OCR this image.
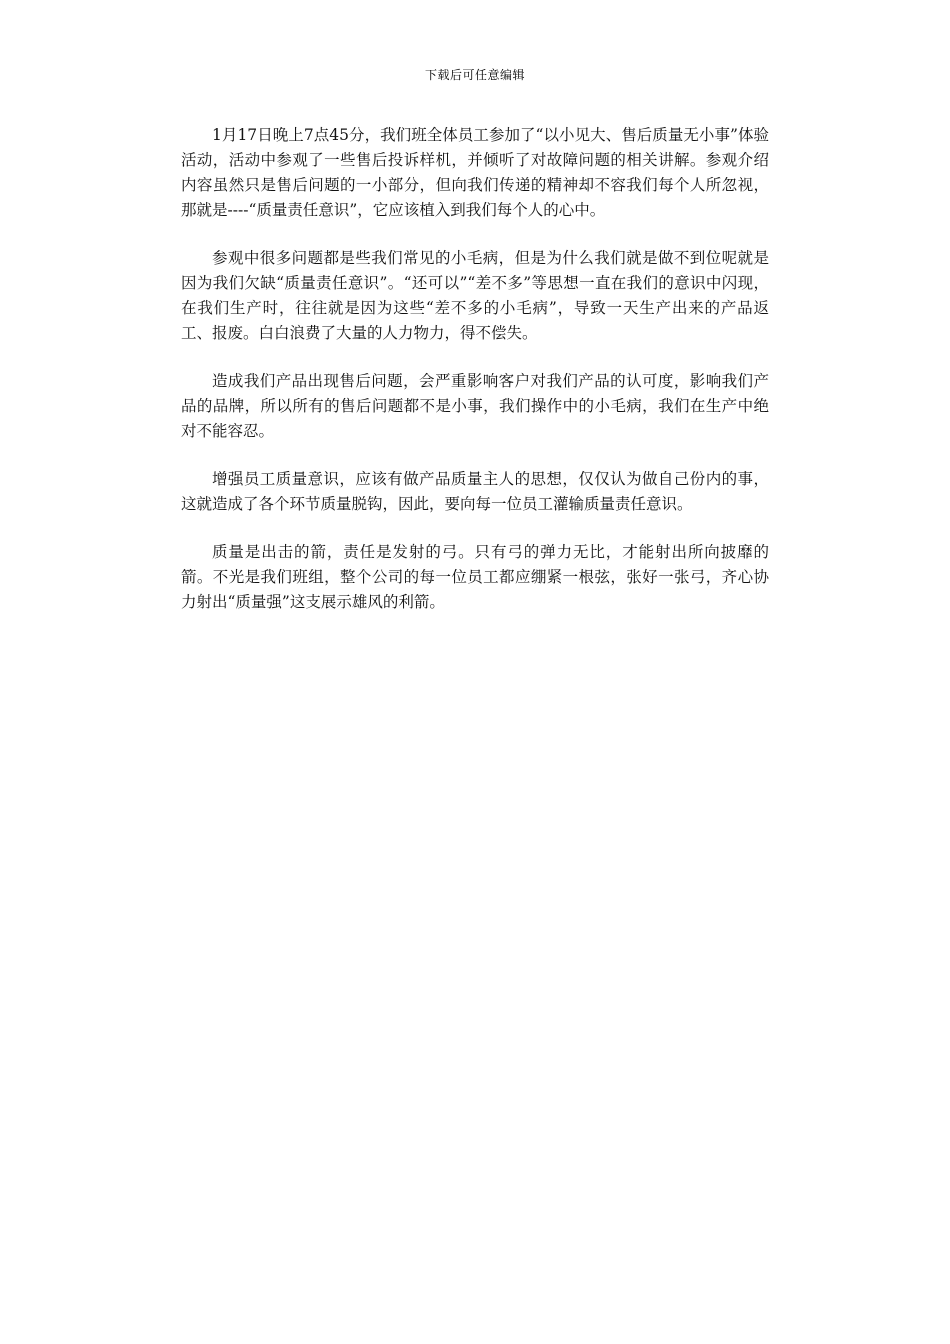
下载后可任意编辑

1月17日晚上7点45分，我们班全体员工参加了“以小见大、售后质量无小事”体验活动，活动中参观了一些售后投诉样机，并倾听了对故障问题的相关讲解。参观介绍内容虽然只是售后问题的一小部分，但向我们传递的精神却不容我们每个人所忽视，那就是----“质量责任意识”，它应该植入到我们每个人的心中。

参观中很多问题都是些我们常见的小毛病，但是为什么我们就是做不到位呢就是因为我们欠缺“质量责任意识”。“还可以”“差不多”等思想一直在我们的意识中闪现，在我们生产时，往往就是因为这些“差不多的小毛病”，导致一天生产出来的产品返工、报废。白白浪费了大量的人力物力，得不偿失。

造成我们产品出现售后问题，会严重影响客户对我们产品的认可度，影响我们产品的品牌，所以所有的售后问题都不是小事，我们操作中的小毛病，我们在生产中绝对不能容忍。

增强员工质量意识，应该有做产品质量主人的思想，仅仅认为做自己份内的事，这就造成了各个环节质量脱钩，因此，要向每一位员工灌输质量责任意识。

质量是出击的箭，责任是发射的弓。只有弓的弹力无比，才能射出所向披靡的箭。不光是我们班组，整个公司的每一位员工都应绷紧一根弦，张好一张弓，齐心协力射出“质量强”这支展示雄风的利箭。
